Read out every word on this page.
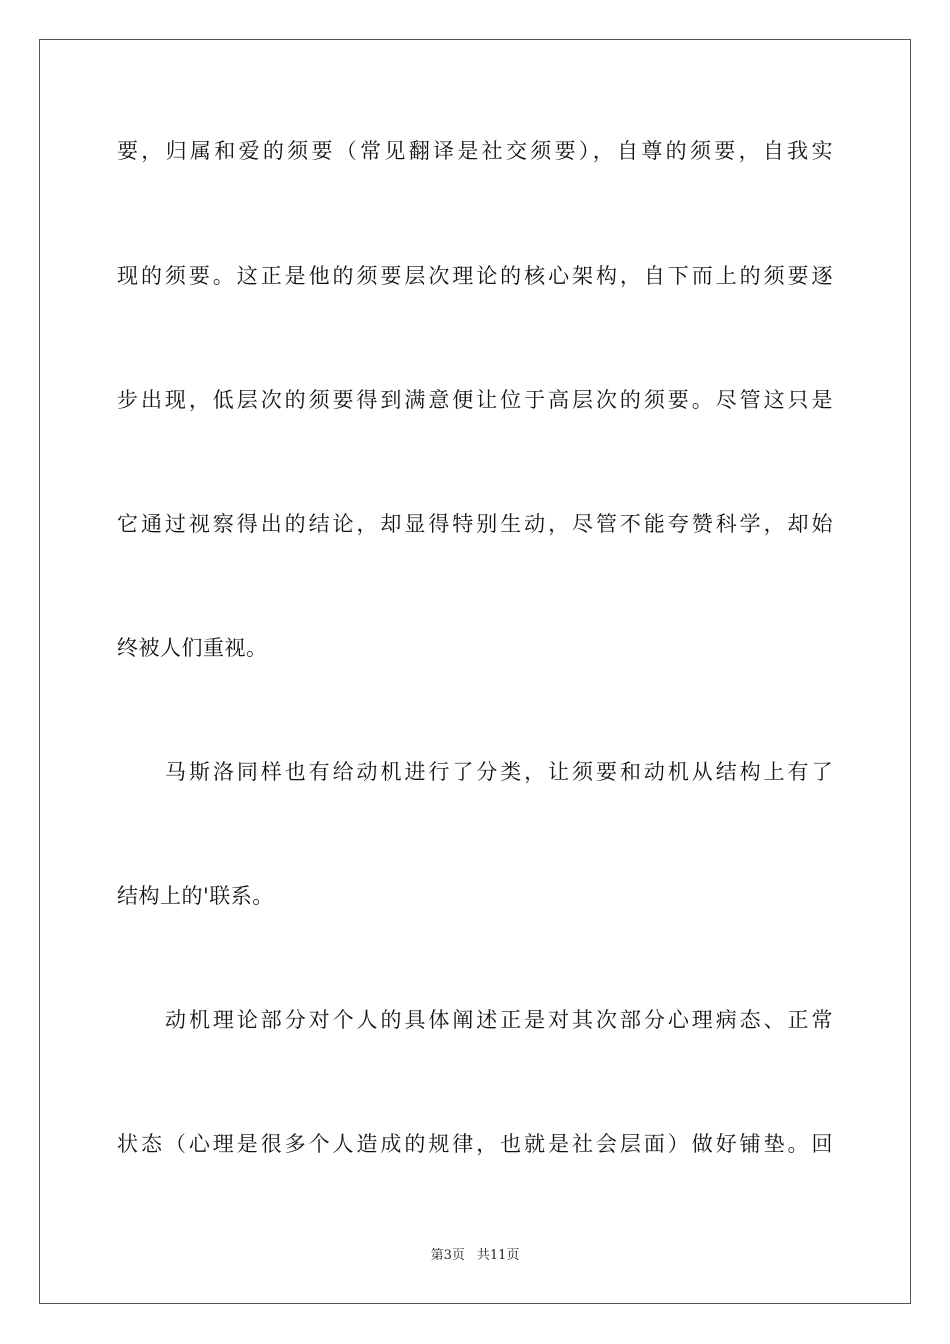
要，归属和爱的须要（常见翻译是社交须要），自尊的须要，自我实
现的须要。这正是他的须要层次理论的核心架构，自下而上的须要逐
步出现，低层次的须要得到满意便让位于高层次的须要。尽管这只是
它通过视察得出的结论，却显得特别生动，尽管不能夸赞科学，却始
终被人们重视。
马斯洛同样也有给动机进行了分类，让须要和动机从结构上有了
结构上的'联系。
动机理论部分对个人的具体阐述正是对其次部分心理病态、正常
状态（心理是很多个人造成的规律，也就是社会层面）做好铺垫。回
第3页 共11页
